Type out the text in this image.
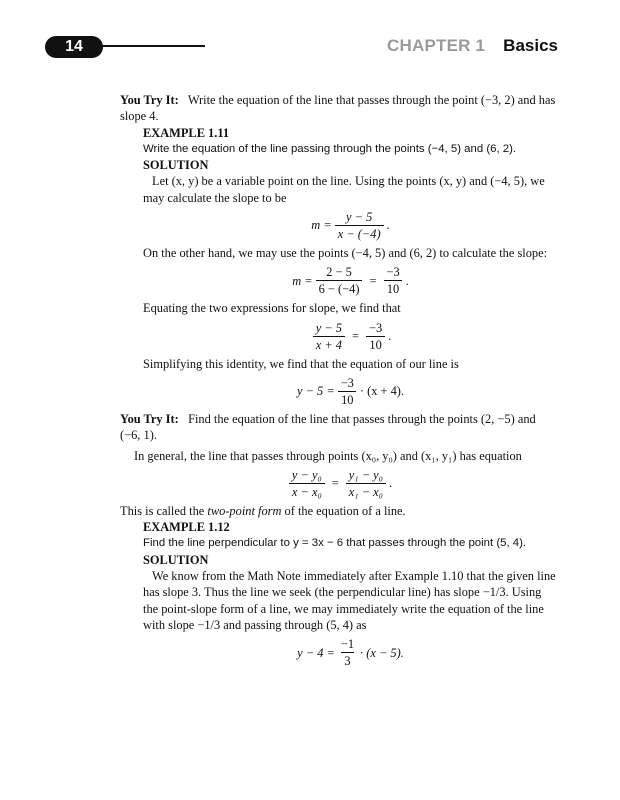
14	CHAPTER 1 Basics

You Try It: Write the equation of the line that passes through the point (−3, 2) and has slope 4.

EXAMPLE 1.11

Write the equation of the line passing through the points (−4, 5) and (6, 2).

SOLUTION

Let (x, y) be a variable point on the line. Using the points (x, y) and (−4, 5), we may calculate the slope to be

$m = \frac{y - 5}{x - (-4)}$ .

On the other hand, we may use the points (−4, 5) and (6, 2) to calculate the slope:

$m = \frac{2 - 5}{6 - (-4)} = \frac{-3}{10}$ .

Equating the two expressions for slope, we find that

$\frac{y - 5}{x + 4} = \frac{-3}{10}$ .

Simplifying this identity, we find that the equation of our line is

$y - 5 = \frac{-3}{10} \cdot (x + 4)$.

You Try It: Find the equation of the line that passes through the points (2, −5) and (−6, 1).

In general, the line that passes through points (x₀, y₀) and (x₁, y₁) has equation

$\frac{\text{y − y₀}}{\text{x − x₀}} = \frac{\text{y₁ − y₀}}{\text{x₁ − x₀}}$ .

This is called the two-point form of the equation of a line.

EXAMPLE 1.12

Find the line perpendicular to y = 3x − 6 that passes through the point (5, 4).

SOLUTION

We know from the Math Note immediately after Example 1.10 that the given line has slope 3. Thus the line we seek (the perpendicular line) has slope −1/3. Using the point-slope form of a line, we may immediately write the equation of the line with slope −1/3 and passing through (5, 4) as

$y - 4 = \frac{-1}{3} \cdot (x - 5)$.
